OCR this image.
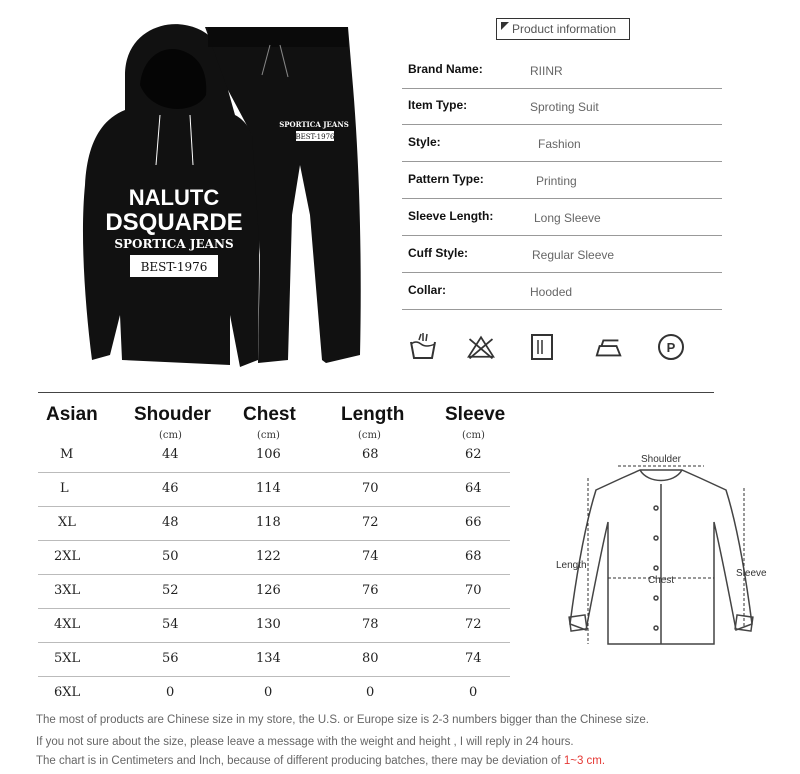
NALUTC
DSQUARDE
SPORTICA JEANS
BEST-1976
SPORTICA JEANS
BEST-1976
Product information
Brand Name:	RIINR
Item Type:	Sproting Suit
Style:	Fashion
Pattern Type:	Printing
Sleeve Length:	Long Sleeve
Cuff Style:	Regular Sleeve
Collar:	Hooded
P
Asian Shouder Chest Length Sleeve
(cm)	(cm)	(cm)	(cm)
M	44	106	68	62
L	46	114	70	64
XL	48	118	72	66
2XL	50	122	74	68
3XL	52	126	76	70
4XL	54	130	78	72
5XL	56	134	80	74
6XL	0	0	0	0
Shoulder
Chest
Length
Sleeve
The most of products are Chinese size in my store, the U.S. or Europe size is 2-3 numbers bigger than the Chinese size.
If you not sure about the size, please leave a message with the weight and height , I will reply in 24 hours.
The chart is in Centimeters and Inch, because of different producing batches, there may be deviation of 1~3 cm.
